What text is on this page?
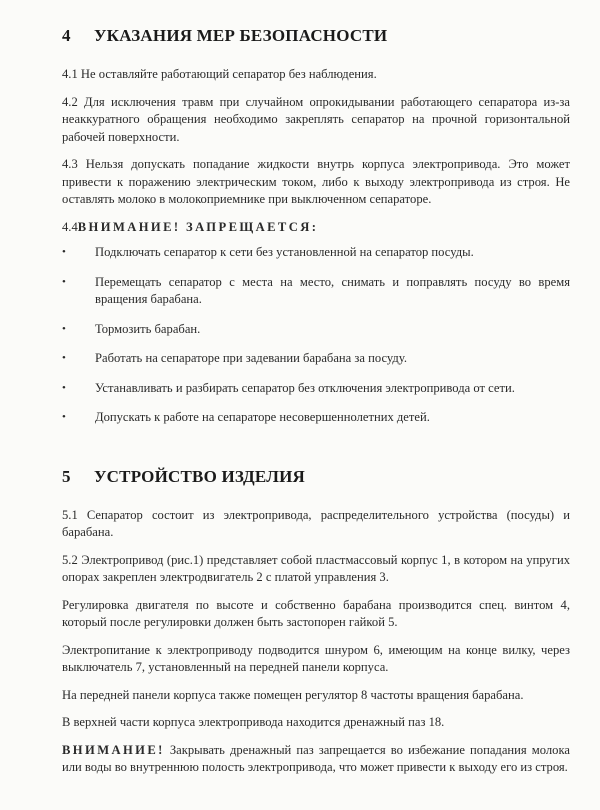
4 УКАЗАНИЯ МЕР БЕЗОПАСНОСТИ

4.1 Не оставляйте работающий сепаратор без наблюдения.

4.2 Для исключения травм при случайном опрокидывании работающего сепаратора из-за неаккуратного обращения необходимо закреплять сепаратор на прочной горизонтальной рабочей поверхности.

4.3 Нельзя допускать попадание жидкости внутрь корпуса электропривода. Это может привести к поражению электрическим током, либо к выходу электропривода из строя. Не оставлять молоко в молокоприемнике при выключенном сепараторе.

4.4ВНИМАНИЕ! ЗАПРЕЩАЕТСЯ:
• Подключать сепаратор к сети без установленной на сепаратор посуды.
• Перемещать сепаратор с места на место, снимать и поправлять посуду во время вращения барабана.
• Тормозить барабан.
• Работать на сепараторе при задевании барабана за посуду.
• Устанавливать и разбирать сепаратор без отключения электропривода от сети.
• Допускать к работе на сепараторе несовершеннолетних детей.
5 УСТРОЙСТВО ИЗДЕЛИЯ

5.1 Сепаратор состоит из электропривода, распределительного устройства (посуды) и барабана.

5.2 Электропривод (рис.1) представляет собой пластмассовый корпус 1, в котором на упругих опорах закреплен электродвигатель 2 с платой управления 3.

Регулировка двигателя по высоте и собственно барабана производится спец. винтом 4, который после регулировки должен быть застопорен гайкой 5.

Электропитание к электроприводу подводится шнуром 6, имеющим на конце вилку, через выключатель 7, установленный на передней панели корпуса.

На передней панели корпуса также помещен регулятор 8 частоты вращения барабана.

В верхней части корпуса электропривода находится дренажный паз 18.

ВНИМАНИЕ! Закрывать дренажный паз запрещается во избежание попадания молока или воды во внутреннюю полость электропривода, что может привести к выходу его из строя.
